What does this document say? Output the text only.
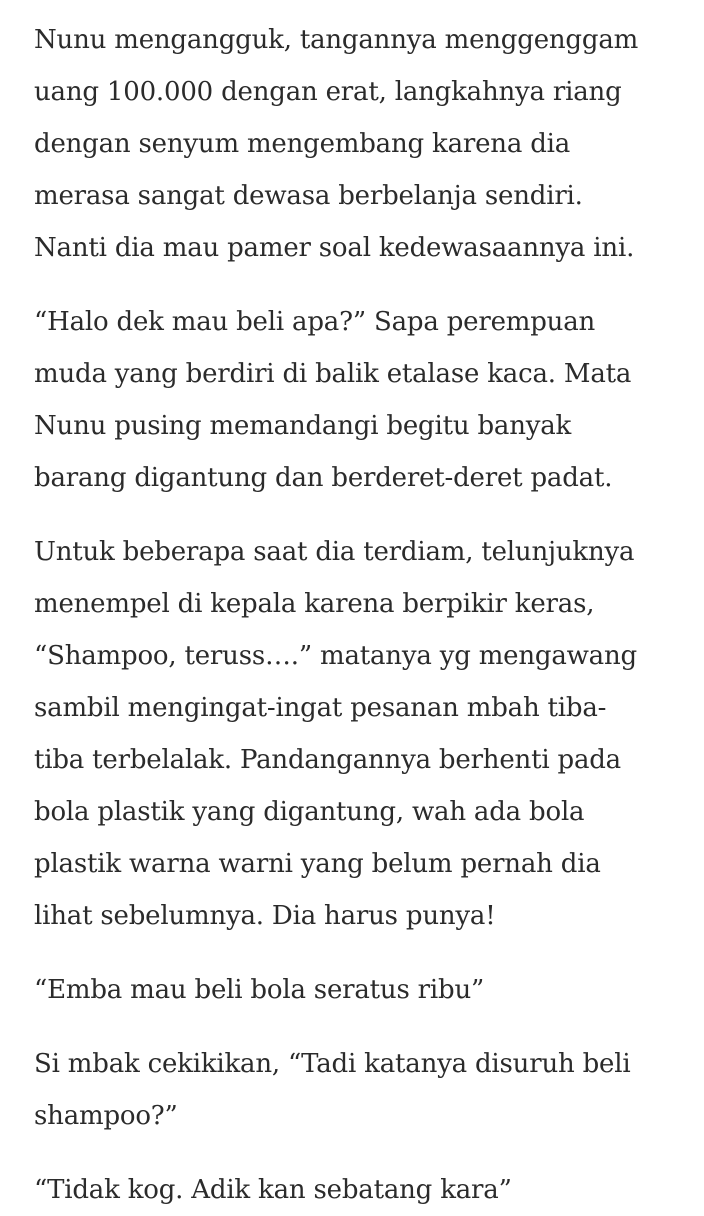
Nunu mengangguk, tangannya menggenggam
uang 100.000 dengan erat, langkahnya riang
dengan senyum mengembang karena dia
merasa sangat dewasa berbelanja sendiri.
Nanti dia mau pamer soal kedewasaannya ini.
“Halo dek mau beli apa?” Sapa perempuan
muda yang berdiri di balik etalase kaca. Mata
Nunu pusing memandangi begitu banyak
barang digantung dan berderet-deret padat.
Untuk beberapa saat dia terdiam, telunjuknya
menempel di kepala karena berpikir keras,
“Shampoo, teruss….” matanya yg mengawang
sambil mengingat-ingat pesanan mbah tiba-
tiba terbelalak. Pandangannya berhenti pada
bola plastik yang digantung, wah ada bola
plastik warna warni yang belum pernah dia
lihat sebelumnya. Dia harus punya!
“Emba mau beli bola seratus ribu”
Si mbak cekikikan, “Tadi katanya disuruh beli
shampoo?”
“Tidak kog. Adik kan sebatang kara”
